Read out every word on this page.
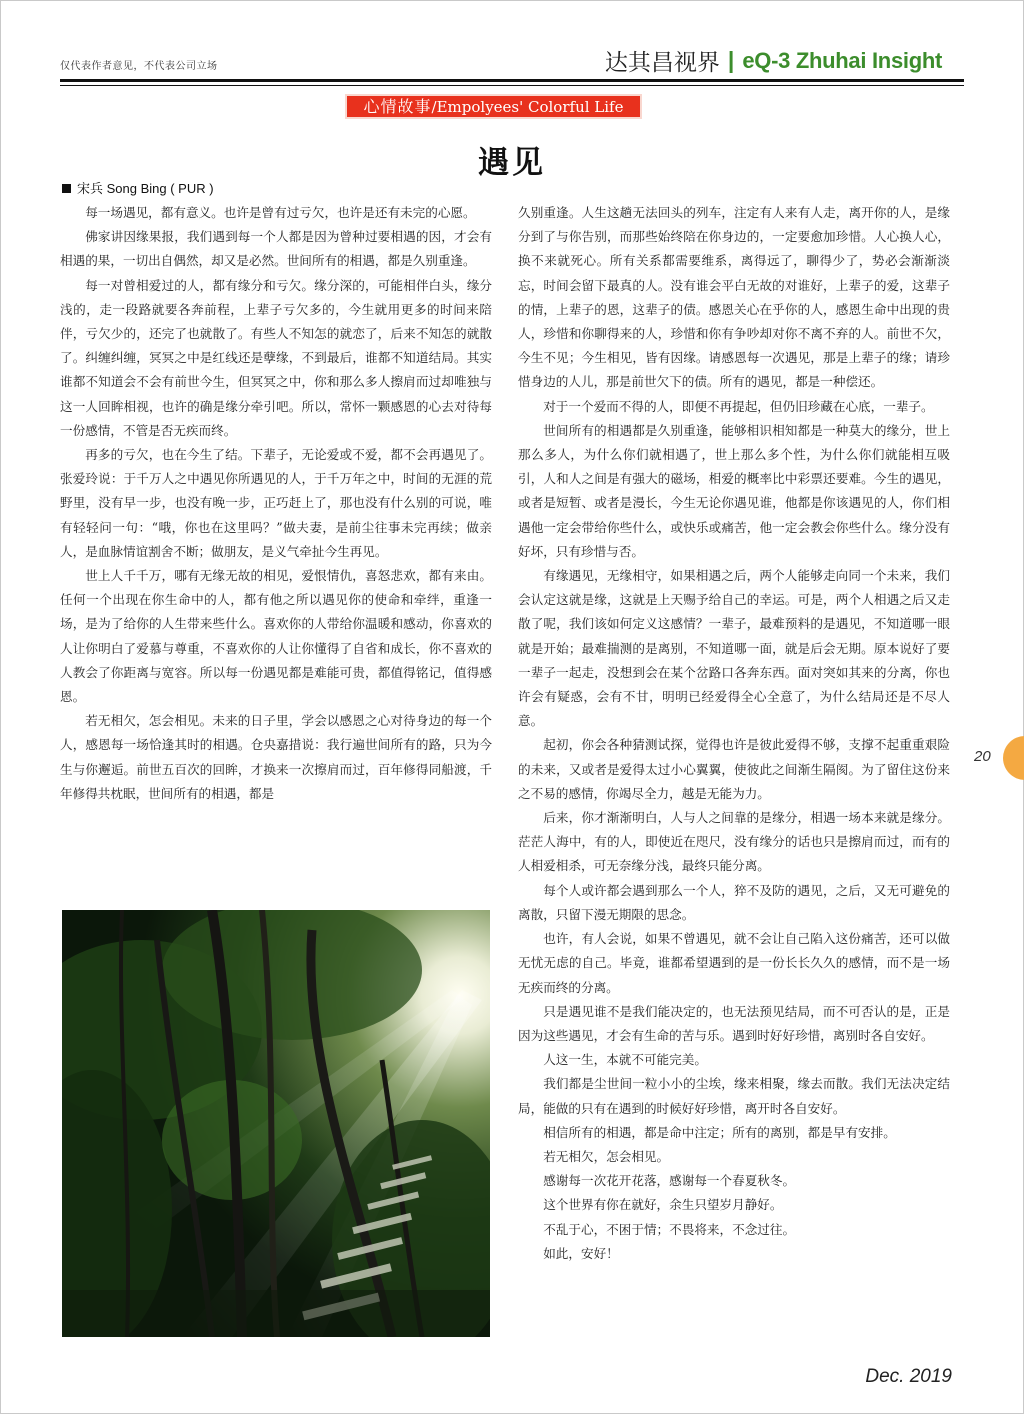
仅代表作者意见，不代表公司立场	达其昌视界 | eQ-3 Zhuhai Insight
心情故事/Empolyees' Colorful Life
遇见
宋兵 Song Bing ( PUR )

每一场遇见，都有意义。也许是曾有过亏欠，也许是还有未完的心愿。

佛家讲因缘果报，我们遇到每一个人都是因为曾种过要相遇的因，才会有相遇的果，一切出自偶然，却又是必然。世间所有的相遇，都是久别重逢。

每一对曾相爱过的人，都有缘分和亏欠。缘分深的，可能相伴白头，缘分浅的，走一段路就要各奔前程，上辈子亏欠多的，今生就用更多的时间来陪伴，亏欠少的，还完了也就散了。有些人不知怎的就恋了，后来不知怎的就散了。纠缠纠缠，冥冥之中是红线还是孽缘，不到最后，谁都不知道结局。其实谁都不知道会不会有前世今生，但冥冥之中，你和那么多人擦肩而过却唯独与这一人回眸相视，也许的确是缘分牵引吧。所以，常怀一颗感恩的心去对待每一份感情，不管是否无疾而终。

再多的亏欠，也在今生了结。下辈子，无论爱或不爱，都不会再遇见了。张爱玲说：于千万人之中遇见你所遇见的人，于千万年之中，时间的无涯的荒野里，没有早一步，也没有晚一步，正巧赶上了，那也没有什么别的可说，唯有轻轻问一句：“哦，你也在这里吗？”做夫妻，是前尘往事未完再续；做亲人，是血脉情谊割舍不断；做朋友，是义气牵扯今生再见。

世上人千千万，哪有无缘无故的相见，爱恨情仇，喜怒悲欢，都有来由。任何一个出现在你生命中的人，都有他之所以遇见你的使命和牵绊，重逢一场，是为了给你的人生带来些什么。喜欢你的人带给你温暖和感动，你喜欢的人让你明白了爱慕与尊重，不喜欢你的人让你懂得了自省和成长，你不喜欢的人教会了你距离与宽容。所以每一份遇见都是难能可贵，都值得铭记，值得感恩。

若无相欠，怎会相见。未来的日子里，学会以感恩之心对待身边的每一个人，感恩每一场恰逢其时的相遇。仓央嘉措说：我行遍世间所有的路，只为今生与你邂逅。前世五百次的回眸，才换来一次擦肩而过，百年修得同船渡，千年修得共枕眠，世间所有的相遇，都是

久别重逢。人生这趟无法回头的列车，注定有人来有人走，离开你的人，是缘分到了与你告别，而那些始终陪在你身边的，一定要愈加珍惜。人心换人心，换不来就死心。所有关系都需要维系，离得远了，聊得少了，势必会渐渐淡忘，时间会留下最真的人。没有谁会平白无故的对谁好，上辈子的爱，这辈子的情，上辈子的恩，这辈子的债。感恩关心在乎你的人，感恩生命中出现的贵人，珍惜和你聊得来的人，珍惜和你有争吵却对你不离不弃的人。前世不欠，今生不见；今生相见，皆有因缘。请感恩每一次遇见，那是上辈子的缘；请珍惜身边的人儿，那是前世欠下的债。所有的遇见，都是一种偿还。

对于一个爱而不得的人，即便不再提起，但仍旧珍藏在心底，一辈子。

世间所有的相遇都是久别重逢，能够相识相知都是一种莫大的缘分，世上那么多人，为什么你们就相遇了，世上那么多个性，为什么你们就能相互吸引，人和人之间是有强大的磁场，相爱的概率比中彩票还要难。今生的遇见，或者是短暂、或者是漫长，今生无论你遇见谁，他都是你该遇见的人，你们相遇他一定会带给你些什么，或快乐或痛苦，他一定会教会你些什么。缘分没有好坏，只有珍惜与否。

有缘遇见，无缘相守，如果相遇之后，两个人能够走向同一个未来，我们会认定这就是缘，这就是上天赐予给自己的幸运。可是，两个人相遇之后又走散了呢，我们该如何定义这感情？一辈子，最难预料的是遇见，不知道哪一眼就是开始；最难揣测的是离别，不知道哪一面，就是后会无期。原本说好了要一辈子一起走，没想到会在某个岔路口各奔东西。面对突如其来的分离，你也许会有疑惑，会有不甘，明明已经爱得全心全意了，为什么结局还是不尽人意。

起初，你会各种猜测试探，觉得也许是彼此爱得不够，支撑不起重重艰险的未来，又或者是爱得太过小心翼翼，使彼此之间渐生隔阂。为了留住这份来之不易的感情，你竭尽全力，越是无能为力。

后来，你才渐渐明白，人与人之间靠的是缘分，相遇一场本来就是缘分。茫茫人海中，有的人，即使近在咫尺，没有缘分的话也只是擦肩而过，而有的人相爱相杀，可无奈缘分浅，最终只能分离。

每个人或许都会遇到那么一个人，猝不及防的遇见，之后，又无可避免的离散，只留下漫无期限的思念。

也许，有人会说，如果不曾遇见，就不会让自己陷入这份痛苦，还可以做无忧无虑的自己。毕竟，谁都希望遇到的是一份长长久久的感情，而不是一场无疾而终的分离。

只是遇见谁不是我们能决定的，也无法预见结局，而不可否认的是，正是因为这些遇见，才会有生命的苦与乐。遇到时好好珍惜，离别时各自安好。

人这一生，本就不可能完美。

我们都是尘世间一粒小小的尘埃，缘来相聚，缘去而散。我们无法决定结局，能做的只有在遇到的时候好好珍惜，离开时各自安好。

相信所有的相遇，都是命中注定；所有的离别，都是早有安排。

若无相欠，怎会相见。

感谢每一次花开花落，感谢每一个春夏秋冬。

这个世界有你在就好，余生只望岁月静好。

不乱于心，不困于情；不畏将来，不念过往。

如此，安好！

20
Dec. 2019
